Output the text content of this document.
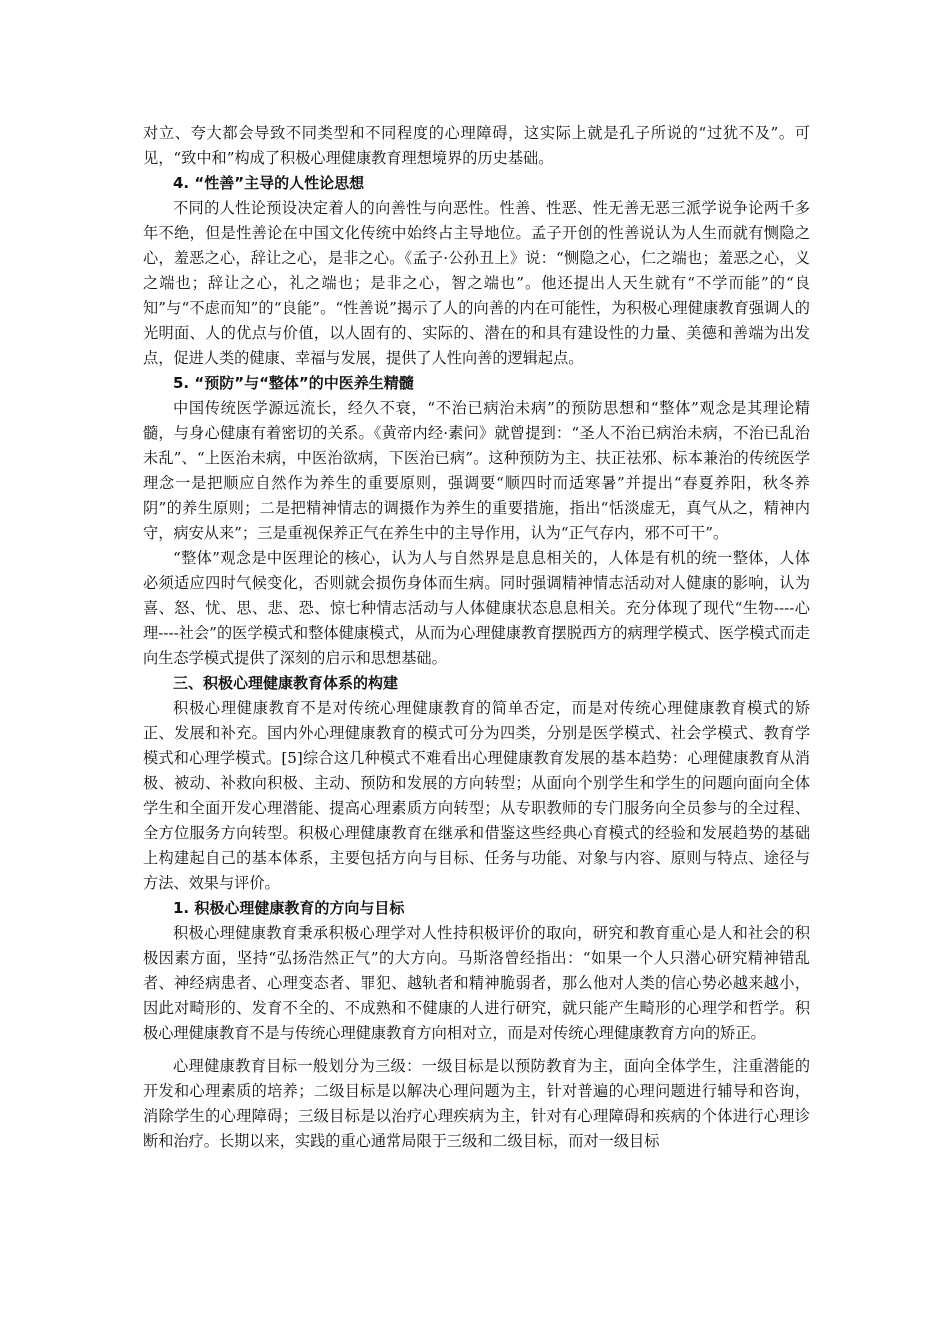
对立、夸大都会导致不同类型和不同程度的心理障碍，这实际上就是孔子所说的“过犹不及”。可见，“致中和”构成了积极心理健康教育理想境界的历史基础。

4. “性善”主导的人性论思想

不同的人性论预设决定着人的向善性与向恶性。性善、性恶、性无善无恶三派学说争论两千多年不绝，但是性善论在中国文化传统中始终占主导地位。孟子开创的性善说认为人生而就有恻隐之心，羞恶之心，辞让之心，是非之心。《孟子·公孙丑上》说：“恻隐之心，仁之端也；羞恶之心，义之端也；辞让之心，礼之端也；是非之心，智之端也”。他还提出人天生就有“不学而能”的“良知”与“不虑而知”的“良能”。“性善说”揭示了人的向善的内在可能性，为积极心理健康教育强调人的光明面、人的优点与价值，以人固有的、实际的、潜在的和具有建设性的力量、美德和善端为出发点，促进人类的健康、幸福与发展，提供了人性向善的逻辑起点。

5. “预防”与“整体”的中医养生精髓

中国传统医学源远流长，经久不衰，“不治已病治未病”的预防思想和“整体”观念是其理论精髓，与身心健康有着密切的关系。《黄帝内经·素问》就曾提到：“圣人不治已病治未病，不治已乱治未乱”、“上医治未病，中医治欲病，下医治已病”。这种预防为主、扶正祛邪、标本兼治的传统医学理念一是把顺应自然作为养生的重要原则，强调要“顺四时而适寒暑”并提出“春夏养阳，秋冬养阴”的养生原则；二是把精神情志的调摄作为养生的重要措施，指出“恬淡虚无，真气从之，精神内守，病安从来”；三是重视保养正气在养生中的主导作用，认为“正气存内，邪不可干”。

“整体”观念是中医理论的核心，认为人与自然界是息息相关的，人体是有机的统一整体，人体必须适应四时气候变化，否则就会损伤身体而生病。同时强调精神情志活动对人健康的影响，认为喜、怒、忧、思、悲、恐、惊七种情志活动与人体健康状态息息相关。充分体现了现代“生物----心理----社会”的医学模式和整体健康模式，从而为心理健康教育摆脱西方的病理学模式、医学模式而走向生态学模式提供了深刻的启示和思想基础。

三、积极心理健康教育体系的构建

积极心理健康教育不是对传统心理健康教育的简单否定，而是对传统心理健康教育模式的矫正、发展和补充。国内外心理健康教育的模式可分为四类，分别是医学模式、社会学模式、教育学模式和心理学模式。[5]综合这几种模式不难看出心理健康教育发展的基本趋势：心理健康教育从消极、被动、补救向积极、主动、预防和发展的方向转型；从面向个别学生和学生的问题向面向全体学生和全面开发心理潜能、提高心理素质方向转型；从专职教师的专门服务向全员参与的全过程、全方位服务方向转型。积极心理健康教育在继承和借鉴这些经典心育模式的经验和发展趋势的基础上构建起自己的基本体系，主要包括方向与目标、任务与功能、对象与内容、原则与特点、途径与方法、效果与评价。

1. 积极心理健康教育的方向与目标

积极心理健康教育秉承积极心理学对人性持积极评价的取向，研究和教育重心是人和社会的积极因素方面，坚持“弘扬浩然正气”的大方向。马斯洛曾经指出：“如果一个人只潜心研究精神错乱者、神经病患者、心理变态者、罪犯、越轨者和精神脆弱者，那么他对人类的信心势必越来越小，因此对畸形的、发育不全的、不成熟和不健康的人进行研究，就只能产生畸形的心理学和哲学。积极心理健康教育不是与传统心理健康教育方向相对立，而是对传统心理健康教育方向的矫正。

心理健康教育目标一般划分为三级：一级目标是以预防教育为主，面向全体学生，注重潜能的开发和心理素质的培养；二级目标是以解决心理问题为主，针对普遍的心理问题进行辅导和咨询，消除学生的心理障碍；三级目标是以治疗心理疾病为主，针对有心理障碍和疾病的个体进行心理诊断和治疗。长期以来，实践的重心通常局限于三级和二级目标，而对一级目标
